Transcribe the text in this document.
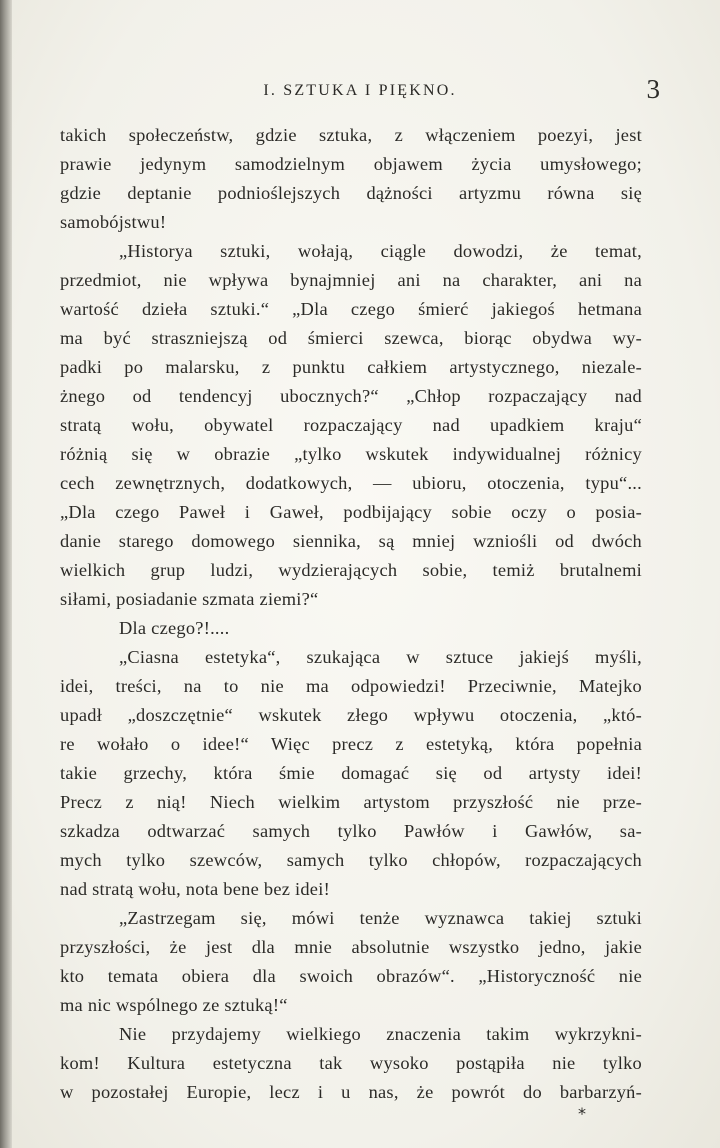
I. SZTUKA I PIĘKNO.	3
takich społeczeństw, gdzie sztuka, z włączeniem poezyi, jest
prawie jedynym samodzielnym objawem życia umysłowego;
gdzie deptanie podnioślejszych dążności artyzmu równa się
samobójstwu!
„Historya sztuki, wołają, ciągle dowodzi, że temat,
przedmiot, nie wpływa bynajmniej ani na charakter, ani na
wartość dzieła sztuki.“ „Dla czego śmierć jakiegoś hetmana
ma być straszniejszą od śmierci szewca, biorąc obydwa wy-
padki po malarsku, z punktu całkiem artystycznego, niezale-
żnego od tendencyj ubocznych?“ „Chłop rozpaczający nad
stratą wołu, obywatel rozpaczający nad upadkiem kraju“
różnią się w obrazie „tylko wskutek indywidualnej różnicy
cech zewnętrznych, dodatkowych, — ubioru, otoczenia, typu“...
„Dla czego Paweł i Gaweł, podbijający sobie oczy o posia-
danie starego domowego siennika, są mniej wzniośli od dwóch
wielkich grup ludzi, wydzierających sobie, temiż brutalnemi
siłami, posiadanie szmata ziemi?“
Dla czego?!....
„Ciasna estetyka“, szukająca w sztuce jakiejś myśli,
idei, treści, na to nie ma odpowiedzi! Przeciwnie, Matejko
upadł „doszczętnie“ wskutek złego wpływu otoczenia, „któ-
re wołało o idee!“ Więc precz z estetyką, która popełnia
takie grzechy, która śmie domagać się od artysty idei!
Precz z nią! Niech wielkim artystom przyszłość nie prze-
szkadza odtwarzać samych tylko Pawłów i Gawłów, sa-
mych tylko szewców, samych tylko chłopów, rozpaczających
nad stratą wołu, nota bene bez idei!
„Zastrzegam się, mówi tenże wyznawca takiej sztuki
przyszłości, że jest dla mnie absolutnie wszystko jedno, jakie
kto temata obiera dla swoich obrazów“. „Historyczność nie
ma nic wspólnego ze sztuką!“
Nie przydajemy wielkiego znaczenia takim wykrzykni-
kom! Kultura estetyczna tak wysoko postąpiła nie tylko
w pozostałej Europie, lecz i u nas, że powrót do barbarzyń-
*
